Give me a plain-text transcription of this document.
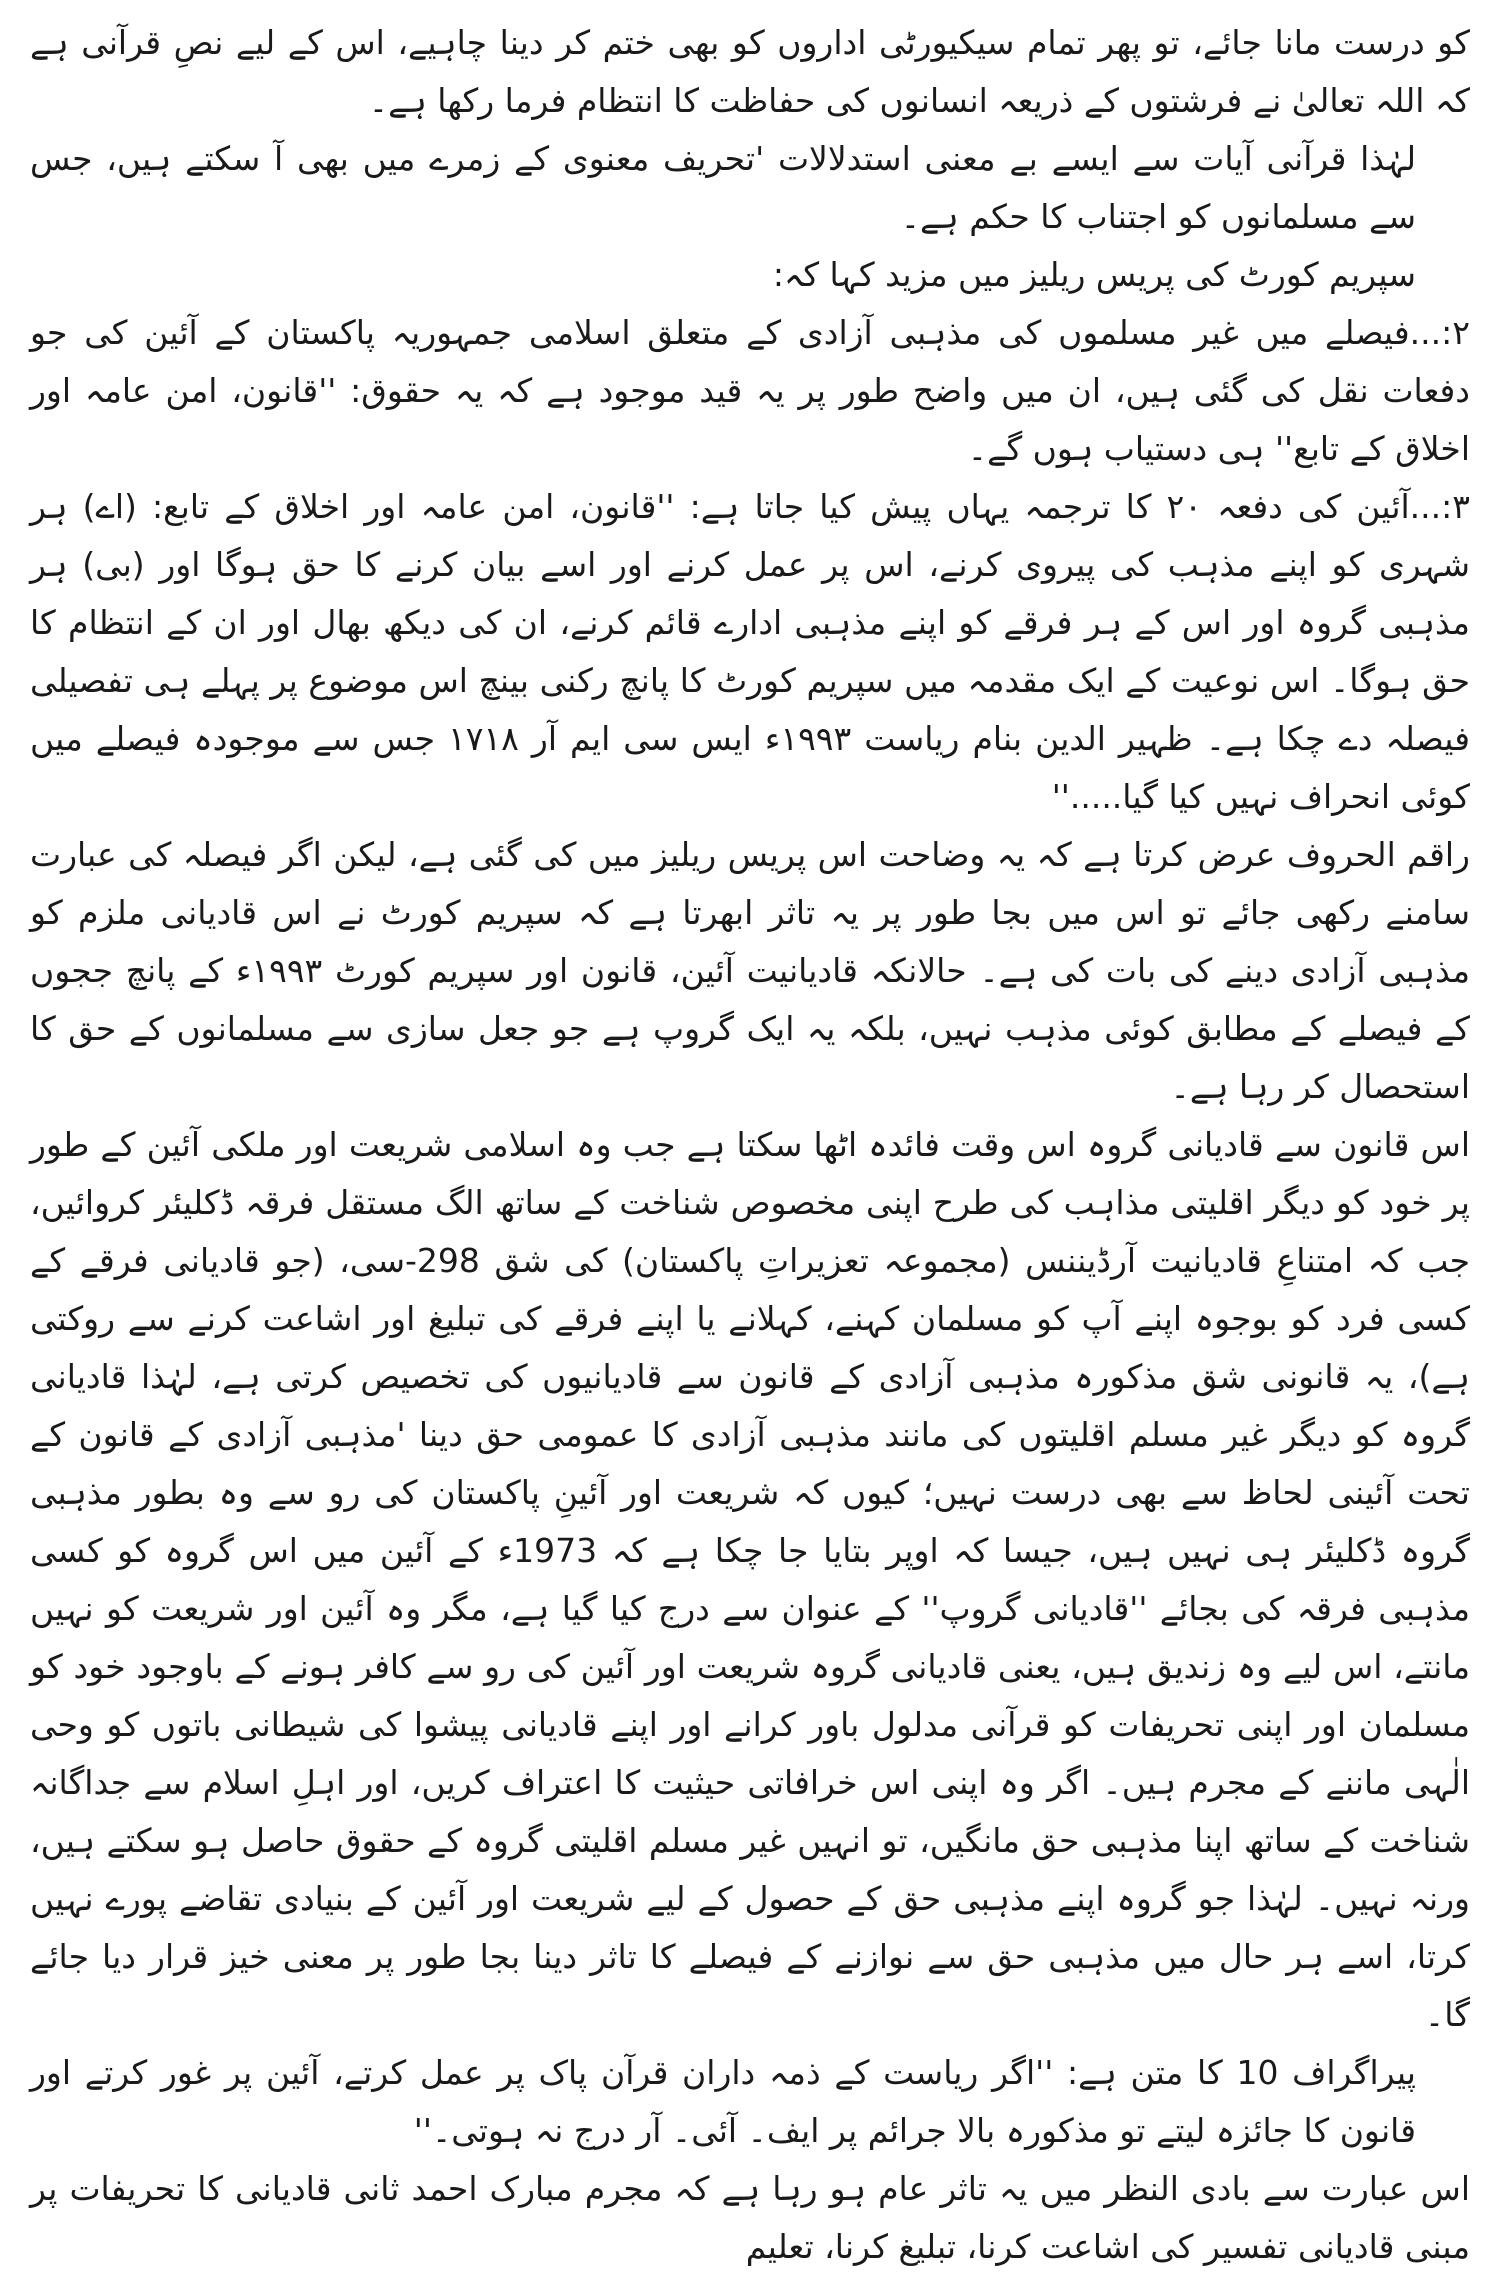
کو درست مانا جائے، تو پھر تمام سیکیورٹی اداروں کو بھی ختم کر دینا چاہیے، اس کے لیے نصِ قرآنی ہے کہ اللہ تعالیٰ نے فرشتوں کے ذریعہ انسانوں کی حفاظت کا انتظام فرما رکھا ہے۔

لہٰذا قرآنی آیات سے ایسے بے معنی استدلالات 'تحریف معنوی کے زمرے میں بھی آ سکتے ہیں، جس سے مسلمانوں کو اجتناب کا حکم ہے۔

سپریم کورٹ کی پریس ریلیز میں مزید کہا کہ:

۲:...فیصلے میں غیر مسلموں کی مذہبی آزادی کے متعلق اسلامی جمہوریہ پاکستان کے آئین کی جو دفعات نقل کی گئی ہیں، ان میں واضح طور پر یہ قید موجود ہے کہ یہ حقوق: ''قانون، امن عامہ اور اخلاق کے تابع'' ہی دستیاب ہوں گے۔

۳:...آئین کی دفعہ ۲۰ کا ترجمہ یہاں پیش کیا جاتا ہے: ''قانون، امن عامہ اور اخلاق کے تابع: (اے) ہر شہری کو اپنے مذہب کی پیروی کرنے، اس پر عمل کرنے اور اسے بیان کرنے کا حق ہوگا اور (بی) ہر مذہبی گروہ اور اس کے ہر فرقے کو اپنے مذہبی ادارے قائم کرنے، ان کی دیکھ بھال اور ان کے انتظام کا حق ہوگا۔ اس نوعیت کے ایک مقدمہ میں سپریم کورٹ کا پانچ رکنی بینچ اس موضوع پر پہلے ہی تفصیلی فیصلہ دے چکا ہے۔ ظہیر الدین بنام ریاست ۱۹۹۳ء ایس سی ایم آر ۱۷۱۸ جس سے موجودہ فیصلے میں کوئی انحراف نہیں کیا گیا.....''

راقم الحروف عرض کرتا ہے کہ یہ وضاحت اس پریس ریلیز میں کی گئی ہے، لیکن اگر فیصلہ کی عبارت سامنے رکھی جائے تو اس میں بجا طور پر یہ تاثر ابھرتا ہے کہ سپریم کورٹ نے اس قادیانی ملزم کو مذہبی آزادی دینے کی بات کی ہے۔ حالانکہ قادیانیت آئین، قانون اور سپریم کورٹ ۱۹۹۳ء کے پانچ ججوں کے فیصلے کے مطابق کوئی مذہب نہیں، بلکہ یہ ایک گروپ ہے جو جعل سازی سے مسلمانوں کے حق کا استحصال کر رہا ہے۔

اس قانون سے قادیانی گروہ اس وقت فائدہ اٹھا سکتا ہے جب وہ اسلامی شریعت اور ملکی آئین کے طور پر خود کو دیگر اقلیتی مذاہب کی طرح اپنی مخصوص شناخت کے ساتھ الگ مستقل فرقہ ڈکلیئر کروائیں، جب کہ امتناعِ قادیانیت آرڈیننس (مجموعہ تعزیراتِ پاکستان) کی شق 298-سی، (جو قادیانی فرقے کے کسی فرد کو بوجوہ اپنے آپ کو مسلمان کہنے، کہلانے یا اپنے فرقے کی تبلیغ اور اشاعت کرنے سے روکتی ہے)، یہ قانونی شق مذکورہ مذہبی آزادی کے قانون سے قادیانیوں کی تخصیص کرتی ہے، لہٰذا قادیانی گروہ کو دیگر غیر مسلم اقلیتوں کی مانند مذہبی آزادی کا عمومی حق دینا 'مذہبی آزادی کے قانون کے تحت آئینی لحاظ سے بھی درست نہیں؛ کیوں کہ شریعت اور آئینِ پاکستان کی رو سے وہ بطور مذہبی گروہ ڈکلیئر ہی نہیں ہیں، جیسا کہ اوپر بتایا جا چکا ہے کہ 1973ء کے آئین میں اس گروہ کو کسی مذہبی فرقہ کی بجائے ''قادیانی گروپ'' کے عنوان سے درج کیا گیا ہے، مگر وہ آئین اور شریعت کو نہیں مانتے، اس لیے وہ زندیق ہیں، یعنی قادیانی گروہ شریعت اور آئین کی رو سے کافر ہونے کے باوجود خود کو مسلمان اور اپنی تحریفات کو قرآنی مدلول باور کرانے اور اپنے قادیانی پیشوا کی شیطانی باتوں کو وحی الٰہی ماننے کے مجرم ہیں۔ اگر وہ اپنی اس خرافاتی حیثیت کا اعتراف کریں، اور اہلِ اسلام سے جداگانہ شناخت کے ساتھ اپنا مذہبی حق مانگیں، تو انہیں غیر مسلم اقلیتی گروہ کے حقوق حاصل ہو سکتے ہیں، ورنہ نہیں۔ لہٰذا جو گروہ اپنے مذہبی حق کے حصول کے لیے شریعت اور آئین کے بنیادی تقاضے پورے نہیں کرتا، اسے ہر حال میں مذہبی حق سے نوازنے کے فیصلے کا تاثر دینا بجا طور پر معنی خیز قرار دیا جائے گا۔

پیراگراف 10 کا متن ہے: ''اگر ریاست کے ذمہ داران قرآن پاک پر عمل کرتے، آئین پر غور کرتے اور قانون کا جائزہ لیتے تو مذکورہ بالا جرائم پر ایف۔ آئی۔ آر درج نہ ہوتی۔''

اس عبارت سے بادی النظر میں یہ تاثر عام ہو رہا ہے کہ مجرم مبارک احمد ثانی قادیانی کا تحریفات پر مبنی قادیانی تفسیر کی اشاعت کرنا، تبلیغ کرنا، تعلیم
